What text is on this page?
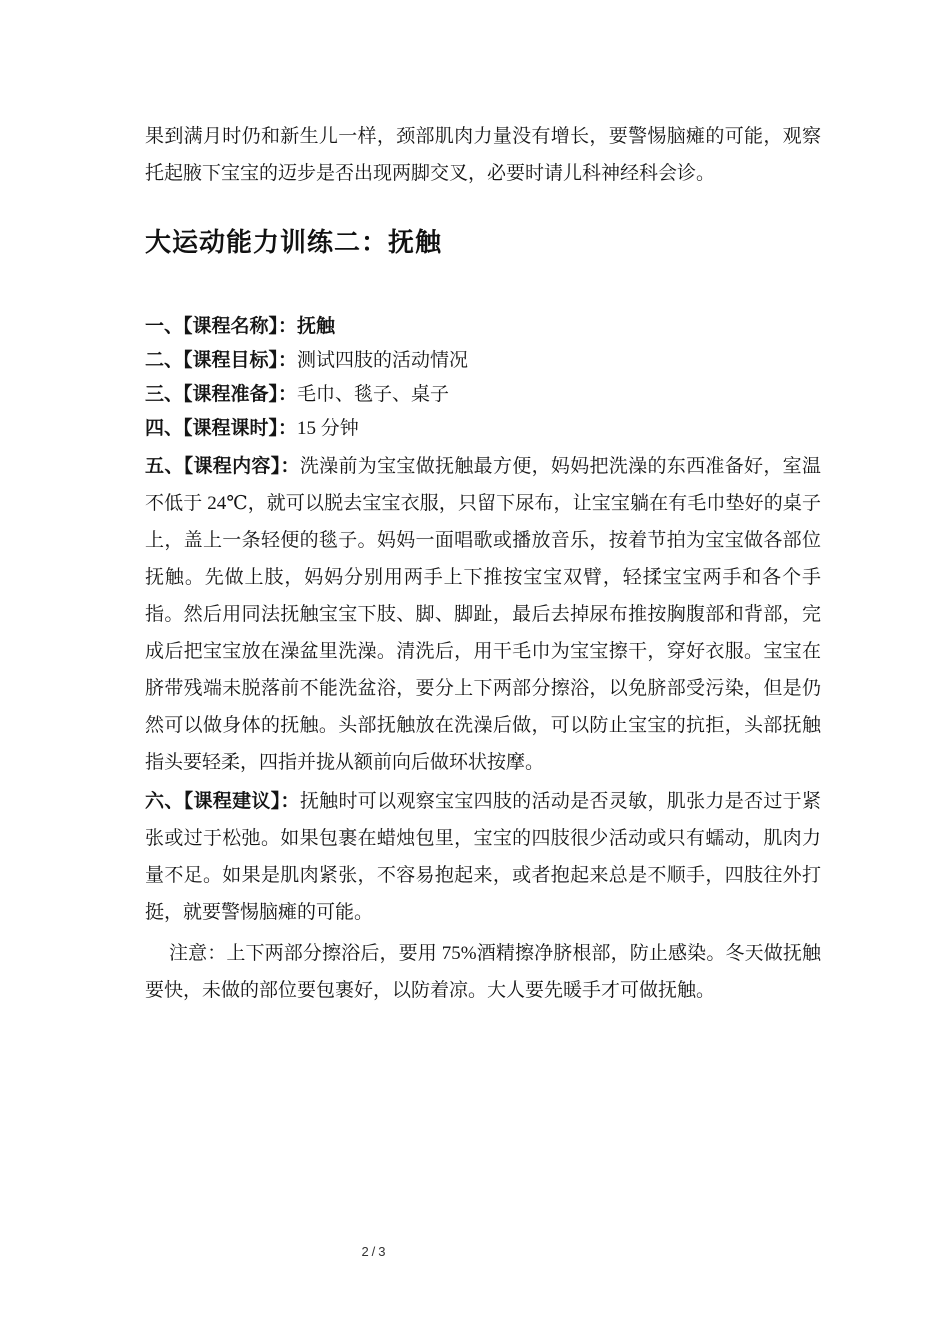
果到满月时仍和新生儿一样，颈部肌肉力量没有增长，要警惕脑瘫的可能，观察托起腋下宝宝的迈步是否出现两脚交叉，必要时请儿科神经科会诊。

大运动能力训练二：抚触

一、【课程名称】：抚触

二、【课程目标】：测试四肢的活动情况

三、【课程准备】：毛巾、毯子、桌子

四、【课程课时】：15 分钟

五、【课程内容】：洗澡前为宝宝做抚触最方便，妈妈把洗澡的东西准备好，室温不低于 24℃，就可以脱去宝宝衣服，只留下尿布，让宝宝躺在有毛巾垫好的桌子上，盖上一条轻便的毯子。妈妈一面唱歌或播放音乐，按着节拍为宝宝做各部位抚触。先做上肢，妈妈分别用两手上下推按宝宝双臂，轻揉宝宝两手和各个手指。然后用同法抚触宝宝下肢、脚、脚趾，最后去掉尿布推按胸腹部和背部，完成后把宝宝放在澡盆里洗澡。清洗后，用干毛巾为宝宝擦干，穿好衣服。宝宝在脐带残端未脱落前不能洗盆浴，要分上下两部分擦浴，以免脐部受污染，但是仍然可以做身体的抚触。头部抚触放在洗澡后做，可以防止宝宝的抗拒，头部抚触指头要轻柔，四指并拢从额前向后做环状按摩。

六、【课程建议】：抚触时可以观察宝宝四肢的活动是否灵敏，肌张力是否过于紧张或过于松弛。如果包裹在蜡烛包里，宝宝的四肢很少活动或只有蠕动，肌肉力量不足。如果是肌肉紧张，不容易抱起来，或者抱起来总是不顺手，四肢往外打挺，就要警惕脑瘫的可能。

注意：上下两部分擦浴后，要用 75%酒精擦净脐根部，防止感染。冬天做抚触要快，未做的部位要包裹好，以防着凉。大人要先暖手才可做抚触。

2/3
